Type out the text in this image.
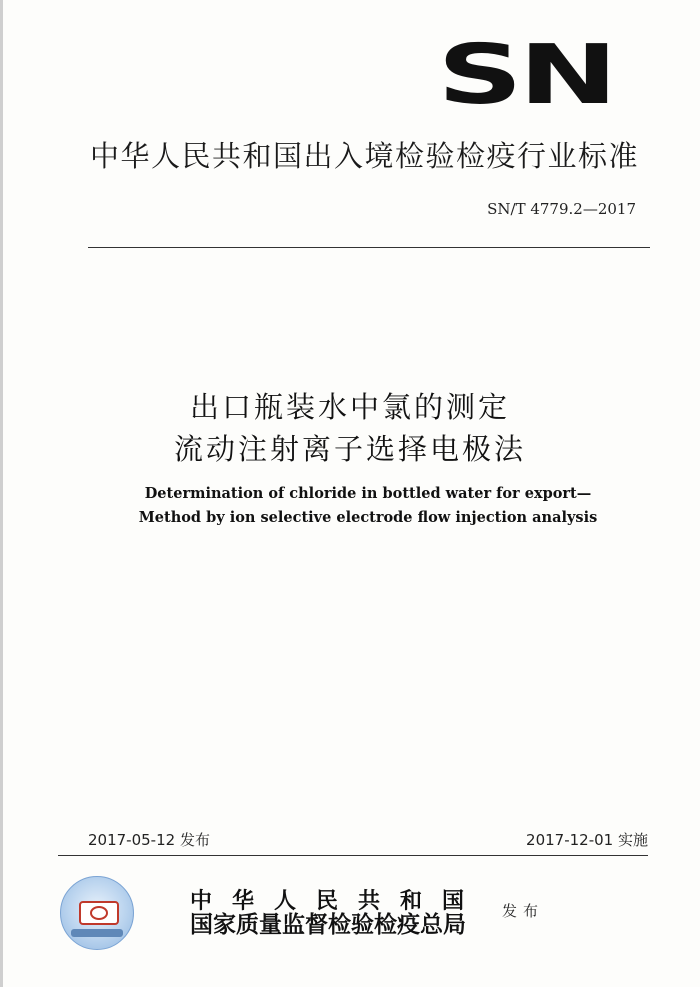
SN
中华人民共和国出入境检验检疫行业标准
SN/T 4779.2—2017
出口瓶装水中氯的测定
流动注射离子选择电极法
Determination of chloride in bottled water for export—
Method by ion selective electrode flow injection analysis
2017-05-12 发布	2017-12-01 实施
中华人民共和国
国家质量监督检验检疫总局 发布
